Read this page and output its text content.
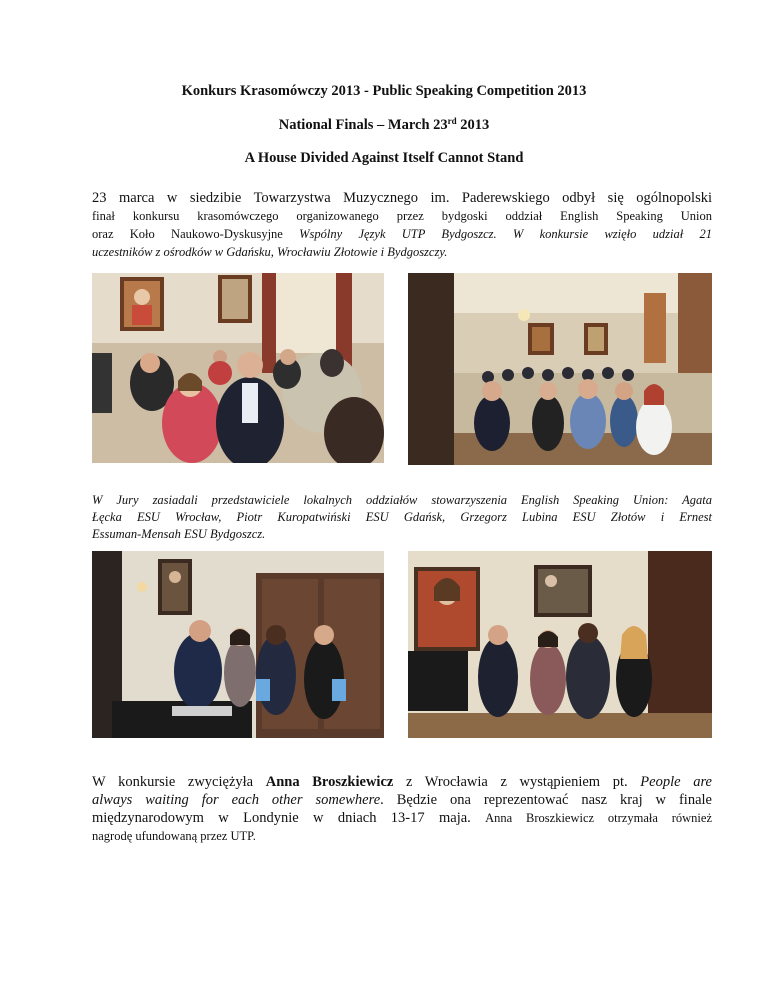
Konkurs Krasomówczy 2013 - Public Speaking Competition 2013
National Finals – March 23rd 2013
A House Divided Against Itself Cannot Stand
23 marca w siedzibie Towarzystwa Muzycznego im. Paderewskiego odbył się ogólnopolski
finał konkursu krasomówczego organizowanego przez bydgoski oddział English Speaking Union
oraz Koło Naukowo-Dyskusyjne Wspólny Język UTP Bydgoszcz. W konkursie wzięło udział 21
uczestników z ośrodków w Gdańsku, Wrocławiu Złotowie i Bydgoszczy.
W Jury zasiadali przedstawiciele lokalnych oddziałów stowarzyszenia English Speaking Union: Agata
Łęcka ESU Wrocław, Piotr Kuropatwiński ESU Gdańsk, Grzegorz Lubina ESU Złotów i Ernest
Essuman-Mensah ESU Bydgoszcz.
W konkursie zwyciężyła Anna Broszkiewicz z Wrocławia z wystąpieniem pt. People are
always waiting for each other somewhere. Będzie ona reprezentować nasz kraj w finale
międzynarodowym w Londynie w dniach 13-17 maja. Anna Broszkiewicz otrzymała również
nagrodę ufundowaną przez UTP.
